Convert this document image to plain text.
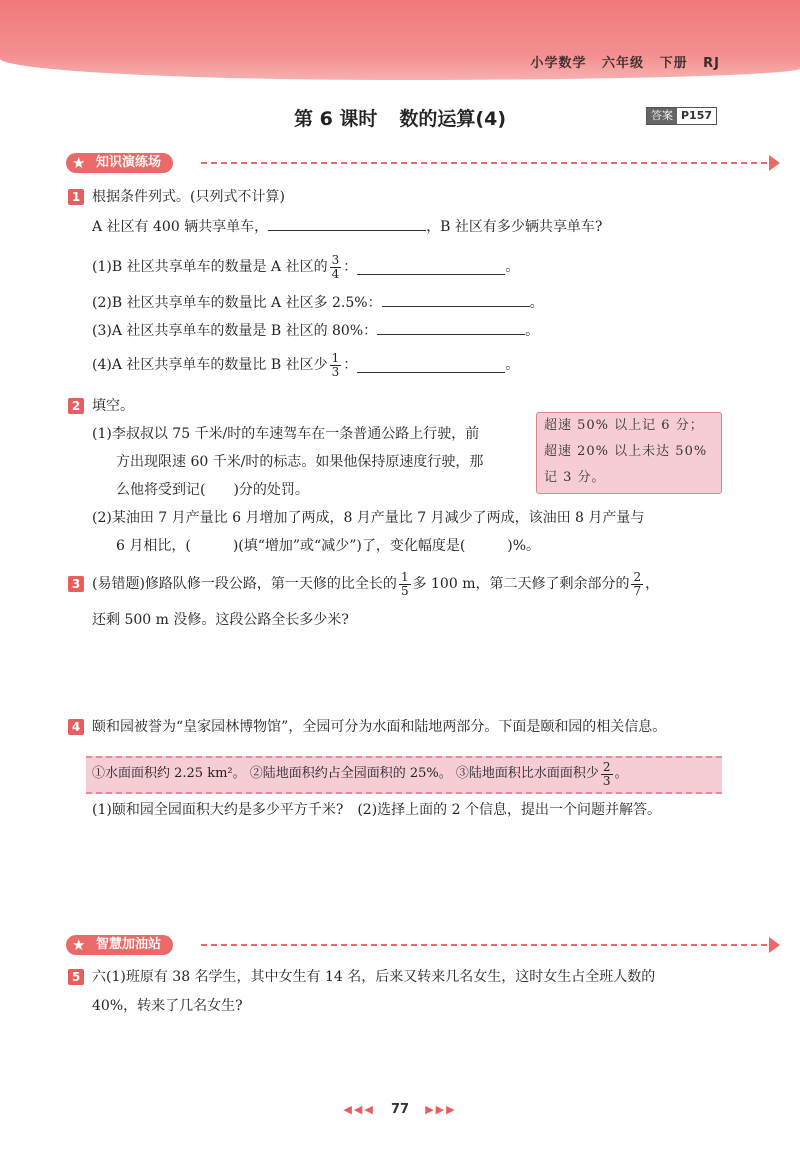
小学数学 六年级 下册 RJ
第 6 课时 数的运算(4)	答案 P157
★ 知识演练场
1 根据条件列式。(只列式不计算)
A 社区有 400 辆共享单车，	，B 社区有多少辆共享单车?
(1)B 社区共享单车的数量是 A 社区的 $\frac{3}{4}$ ：	。
(2)B 社区共享单车的数量比 A 社区多 2.5%：	。
(3)A 社区共享单车的数量是 B 社区的 80%：	。
(4)A 社区共享单车的数量比 B 社区少 $\frac{1}{3}$ ：	。
2 填空。
(1)李叔叔以 75 千米/时的车速驾车在一条普通公路上行驶，前
方出现限速 60 千米/时的标志。如果他保持原速度行驶，那
么他将受到记(　　)分的处罚。
超速 50% 以上记 6 分；
超速 20% 以上未达 50%
记 3 分。
(2)某油田 7 月产量比 6 月增加了两成，8 月产量比 7 月减少了两成，该油田 8 月产量与
6 月相比，(　　　)(填“增加”或“减少”)了，变化幅度是(　　　)%。
3 (易错题)修路队修一段公路，第一天修的比全长的 $\frac{1}{5}$ 多 100 m，第二天修了剩余部分的 $\frac{2}{7}$ ，
还剩 500 m 没修。这段公路全长多少米?
4 颐和园被誉为“皇家园林博物馆”，全园可分为水面和陆地两部分。下面是颐和园的相关信息。
①水面面积约 2.25 km²。 ②陆地面积约占全园面积的 25%。 ③陆地面积比水面面积少 $\frac{2}{3}$ 。
(1)颐和园全园面积大约是多少平方千米?　(2)选择上面的 2 个信息，提出一个问题并解答。
★ 智慧加油站
5 六(1)班原有 38 名学生，其中女生有 14 名，后来又转来几名女生，这时女生占全班人数的
40%，转来了几名女生?
◀◀◀ 77 ▶▶▶
